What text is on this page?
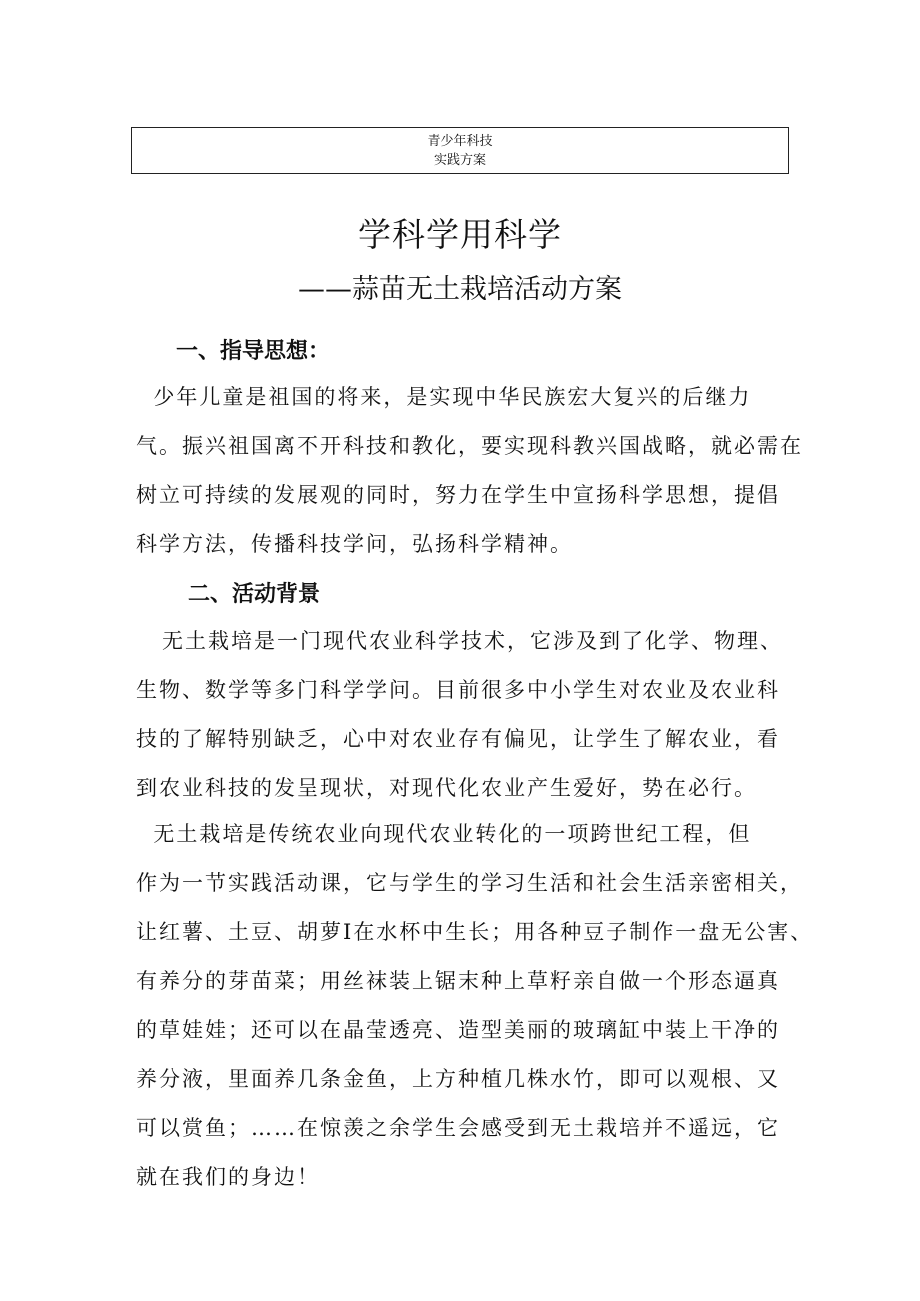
青少年科技
实践方案
学科学用科学
——蒜苗无土栽培活动方案
一、指导思想：
少年儿童是祖国的将来，是实现中华民族宏大复兴的后继力
气。振兴祖国离不开科技和教化，要实现科教兴国战略，就必需在
树立可持续的发展观的同时，努力在学生中宣扬科学思想，提倡
科学方法，传播科技学问，弘扬科学精神。
二、活动背景
无土栽培是一门现代农业科学技术，它涉及到了化学、物理、
生物、数学等多门科学学问。目前很多中小学生对农业及农业科
技的了解特别缺乏，心中对农业存有偏见，让学生了解农业，看
到农业科技的发呈现状，对现代化农业产生爱好，势在必行。
无土栽培是传统农业向现代农业转化的一项跨世纪工程，但
作为一节实践活动课，它与学生的学习生活和社会生活亲密相关，
让红薯、土豆、胡萝I在水杯中生长；用各种豆子制作一盘无公害、
有养分的芽苗菜；用丝袜装上锯末种上草籽亲自做一个形态逼真
的草娃娃；还可以在晶莹透亮、造型美丽的玻璃缸中装上干净的
养分液，里面养几条金鱼，上方种植几株水竹，即可以观根、又
可以赏鱼；……在惊羡之余学生会感受到无土栽培并不遥远，它
就在我们的身边！
